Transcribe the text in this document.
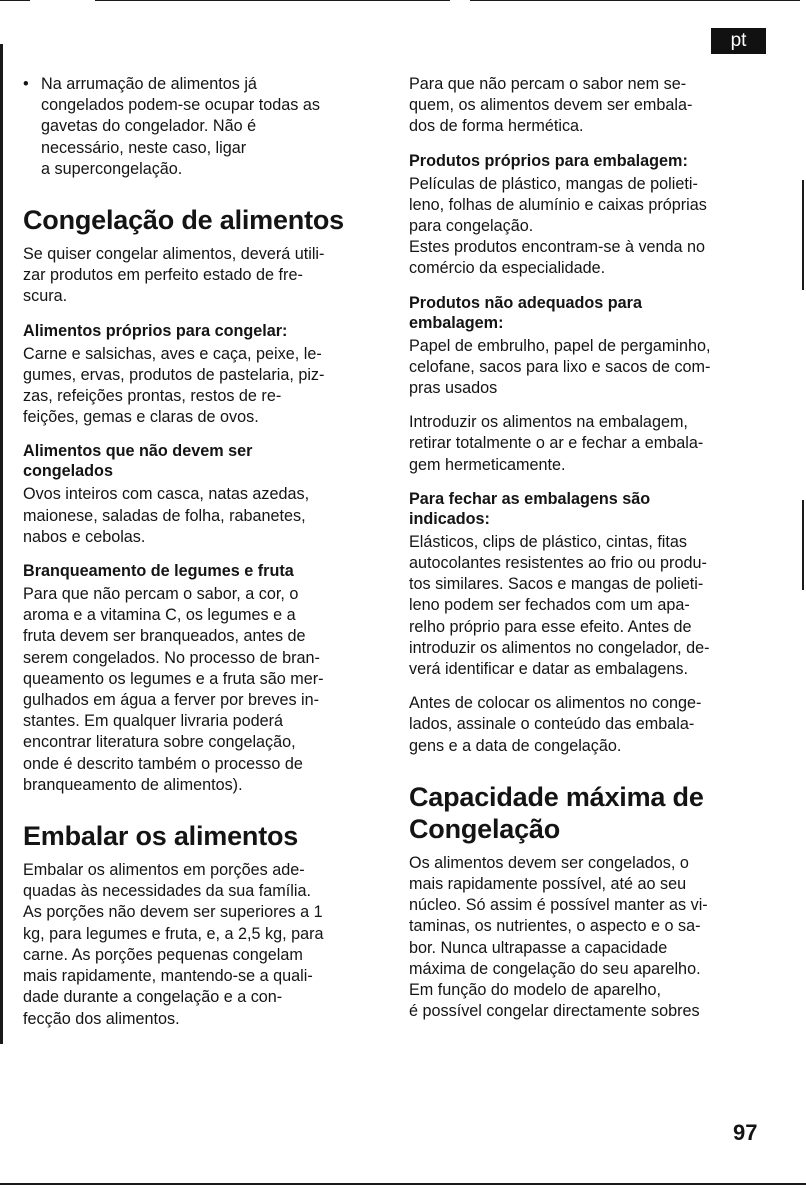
pt

• Na arrumação de alimentos já
congelados podem-se ocupar todas as
gavetas do congelador. Não é
necessário, neste caso, ligar
a supercongelação.

Congelação de alimentos

Se quiser congelar alimentos, deverá utili-
zar produtos em perfeito estado de fre-
scura.

Alimentos próprios para congelar:

Carne e salsichas, aves e caça, peixe, le-
gumes, ervas, produtos de pastelaria, piz-
zas, refeições prontas, restos de re-
feições, gemas e claras de ovos.

Alimentos que não devem ser
congelados

Ovos inteiros com casca, natas azedas,
maionese, saladas de folha, rabanetes,
nabos e cebolas.

Branqueamento de legumes e fruta

Para que não percam o sabor, a cor, o
aroma e a vitamina C, os legumes e a
fruta devem ser branqueados, antes de
serem congelados. No processo de bran-
queamento os legumes e a fruta são mer-
gulhados em água a ferver por breves in-
stantes. Em qualquer livraria poderá
encontrar literatura sobre congelação,
onde é descrito também o processo de
branqueamento de alimentos).

Embalar os alimentos

Embalar os alimentos em porções ade-
quadas às necessidades da sua família.
As porções não devem ser superiores a 1
kg, para legumes e fruta, e, a 2,5 kg, para
carne. As porções pequenas congelam
mais rapidamente, mantendo-se a quali-
dade durante a congelação e a con-
fecção dos alimentos.

Para que não percam o sabor nem se-
quem, os alimentos devem ser embala-
dos de forma hermética.

Produtos próprios para embalagem:

Películas de plástico, mangas de polieti-
leno, folhas de alumínio e caixas próprias
para congelação.
Estes produtos encontram-se à venda no
comércio da especialidade.

Produtos não adequados para
embalagem:

Papel de embrulho, papel de pergaminho,
celofane, sacos para lixo e sacos de com-
pras usados

Introduzir os alimentos na embalagem,
retirar totalmente o ar e fechar a embala-
gem hermeticamente.

Para fechar as embalagens são
indicados:

Elásticos, clips de plástico, cintas, fitas
autocolantes resistentes ao frio ou produ-
tos similares. Sacos e mangas de polieti-
leno podem ser fechados com um apa-
relho próprio para esse efeito. Antes de
introduzir os alimentos no congelador, de-
verá identificar e datar as embalagens.

Antes de colocar os alimentos no conge-
lados, assinale o conteúdo das embala-
gens e a data de congelação.

Capacidade máxima de
Congelação

Os alimentos devem ser congelados, o
mais rapidamente possível, até ao seu
núcleo. Só assim é possível manter as vi-
taminas, os nutrientes, o aspecto e o sa-
bor. Nunca ultrapasse a capacidade
máxima de congelação do seu aparelho.
Em função do modelo de aparelho,
é possível congelar directamente sobres

97
